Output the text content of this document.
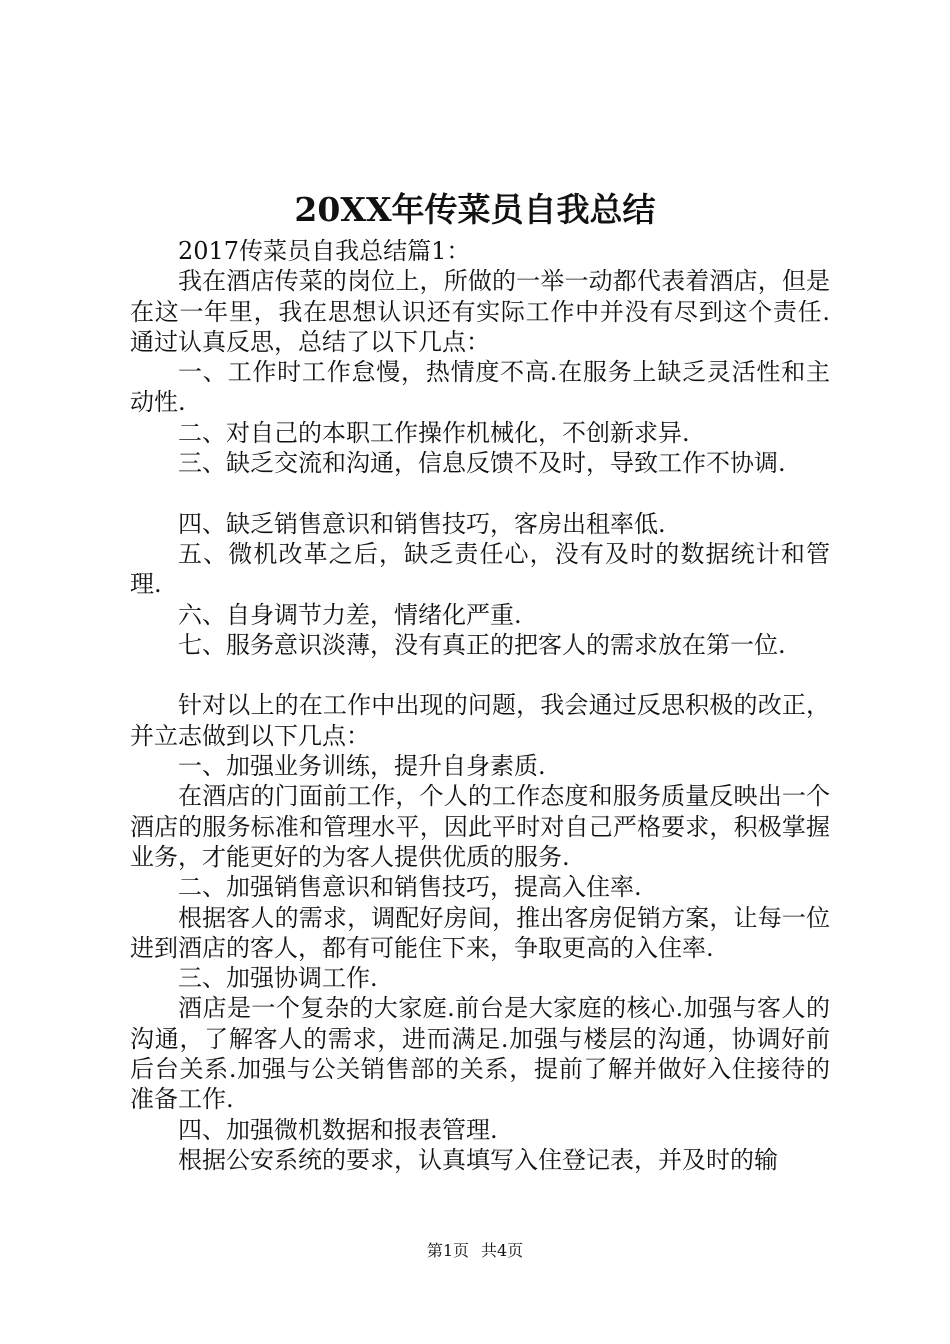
20XX年传菜员自我总结

2017传菜员自我总结篇1：

我在酒店传菜的岗位上，所做的一举一动都代表着酒店，但是在这一年里，我在思想认识还有实际工作中并没有尽到这个责任.通过认真反思，总结了以下几点：

一、工作时工作怠慢，热情度不高.在服务上缺乏灵活性和主动性.

二、对自己的本职工作操作机械化，不创新求异.

三、缺乏交流和沟通，信息反馈不及时，导致工作不协调.

四、缺乏销售意识和销售技巧，客房出租率低.

五、微机改革之后，缺乏责任心，没有及时的数据统计和管理.

六、自身调节力差，情绪化严重.

七、服务意识淡薄，没有真正的把客人的需求放在第一位.

针对以上的在工作中出现的问题，我会通过反思积极的改正，并立志做到以下几点：

一、加强业务训练，提升自身素质.

在酒店的门面前工作，个人的工作态度和服务质量反映出一个酒店的服务标准和管理水平，因此平时对自己严格要求，积极掌握业务，才能更好的为客人提供优质的服务.

二、加强销售意识和销售技巧，提高入住率.

根据客人的需求，调配好房间，推出客房促销方案，让每一位进到酒店的客人，都有可能住下来，争取更高的入住率.

三、加强协调工作.

酒店是一个复杂的大家庭.前台是大家庭的核心.加强与客人的沟通，了解客人的需求，进而满足.加强与楼层的沟通，协调好前后台关系.加强与公关销售部的关系，提前了解并做好入住接待的准备工作.

四、加强微机数据和报表管理.

根据公安系统的要求，认真填写入住登记表，并及时的输

第1页 共4页
